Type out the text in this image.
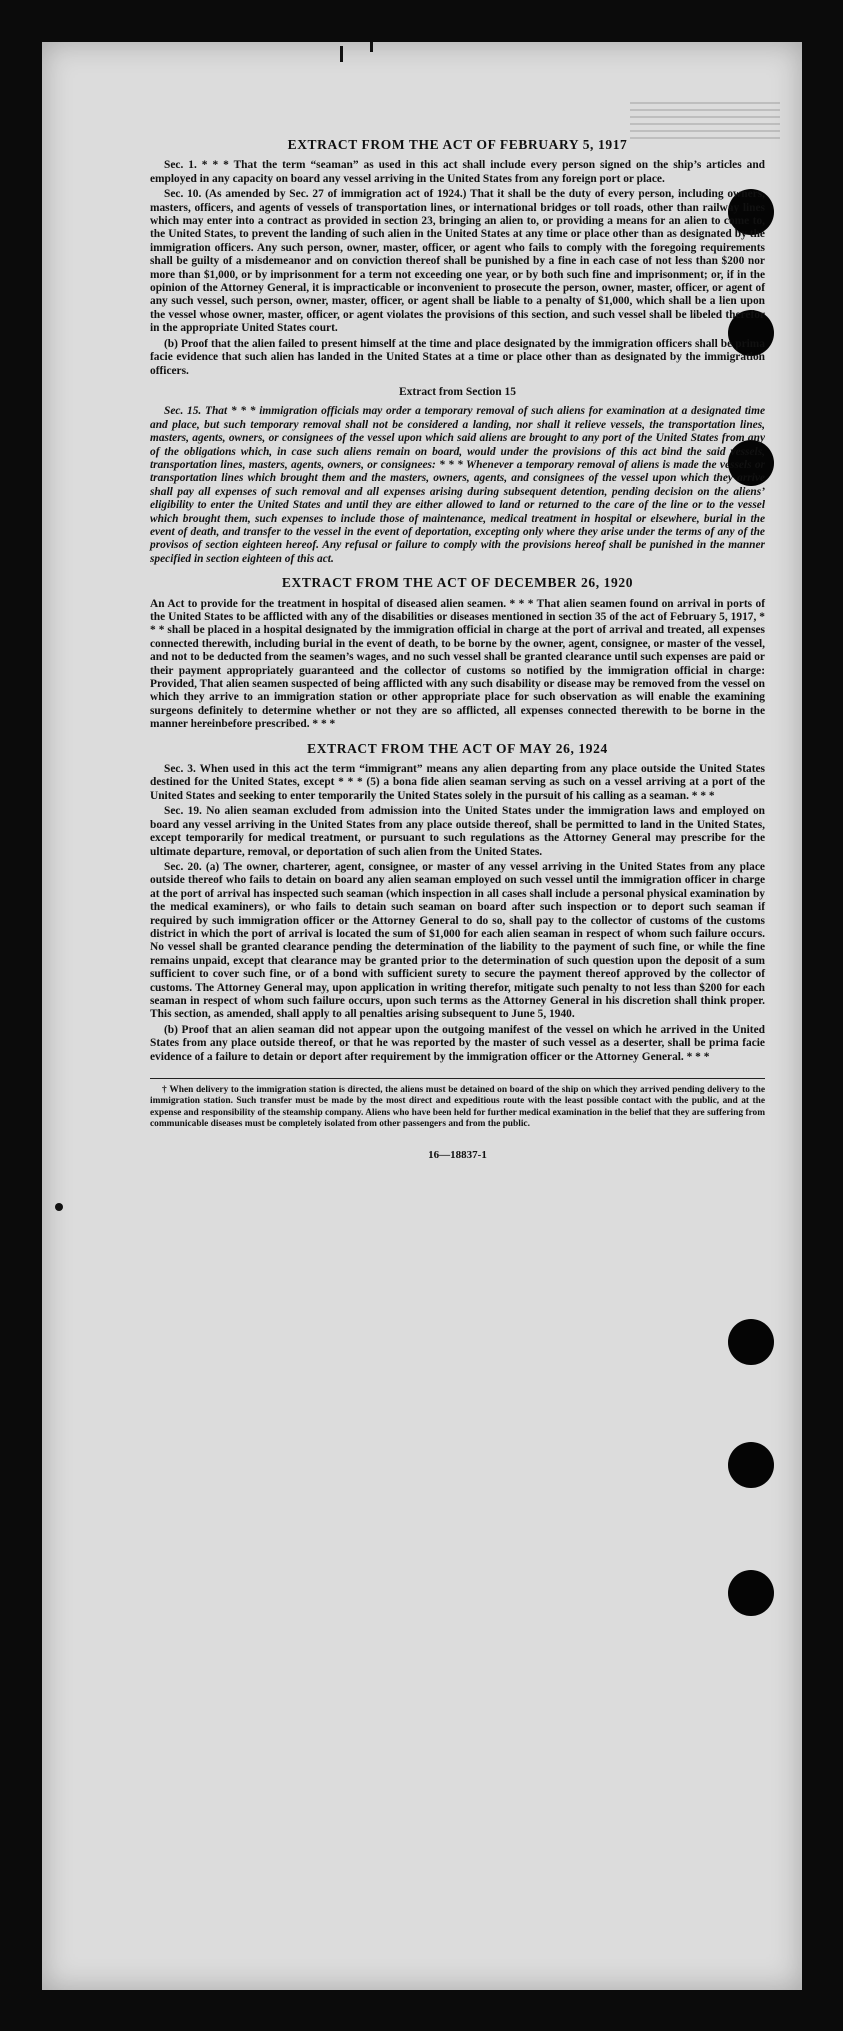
EXTRACT FROM THE ACT OF FEBRUARY 5, 1917

Sec. 1. * * * That the term “seaman” as used in this act shall include every person signed on the ship’s articles and employed in any capacity on board any vessel arriving in the United States from any foreign port or place.

Sec. 10. (As amended by Sec. 27 of immigration act of 1924.) That it shall be the duty of every person, including owners, masters, officers, and agents of vessels of transportation lines, or international bridges or toll roads, other than railway lines which may enter into a contract as provided in section 23, bringing an alien to, or providing a means for an alien to come to, the United States, to prevent the landing of such alien in the United States at any time or place other than as designated by the immigration officers. Any such person, owner, master, officer, or agent who fails to comply with the foregoing requirements shall be guilty of a misdemeanor and on conviction thereof shall be punished by a fine in each case of not less than $200 nor more than $1,000, or by imprisonment for a term not exceeding one year, or by both such fine and imprisonment; or, if in the opinion of the Attorney General, it is impracticable or inconvenient to prosecute the person, owner, master, officer, or agent of any such vessel, such person, owner, master, officer, or agent shall be liable to a penalty of $1,000, which shall be a lien upon the vessel whose owner, master, officer, or agent violates the provisions of this section, and such vessel shall be libeled therefor in the appropriate United States court.

(b) Proof that the alien failed to present himself at the time and place designated by the immigration officers shall be prima facie evidence that such alien has landed in the United States at a time or place other than as designated by the immigration officers.

Extract from Section 15

Sec. 15. That * * * immigration officials may order a temporary removal of such aliens for examination at a designated time and place, but such temporary removal shall not be considered a landing, nor shall it relieve vessels, the transportation lines, masters, agents, owners, or consignees of the vessel upon which said aliens are brought to any port of the United States from any of the obligations which, in case such aliens remain on board, would under the provisions of this act bind the said vessels, transportation lines, masters, agents, owners, or consignees: * * * Whenever a temporary removal of aliens is made the vessels or transportation lines which brought them and the masters, owners, agents, and consignees of the vessel upon which they arrive shall pay all expenses of such removal and all expenses arising during subsequent detention, pending decision on the aliens’ eligibility to enter the United States and until they are either allowed to land or returned to the care of the line or to the vessel which brought them, such expenses to include those of maintenance, medical treatment in hospital or elsewhere, burial in the event of death, and transfer to the vessel in the event of deportation, excepting only where they arise under the terms of any of the provisos of section eighteen hereof. Any refusal or failure to comply with the provisions hereof shall be punished in the manner specified in section eighteen of this act.

EXTRACT FROM THE ACT OF DECEMBER 26, 1920

An Act to provide for the treatment in hospital of diseased alien seamen. * * * That alien seamen found on arrival in ports of the United States to be afflicted with any of the disabilities or diseases mentioned in section 35 of the act of February 5, 1917, * * * shall be placed in a hospital designated by the immigration official in charge at the port of arrival and treated, all expenses connected therewith, including burial in the event of death, to be borne by the owner, agent, consignee, or master of the vessel, and not to be deducted from the seamen’s wages, and no such vessel shall be granted clearance until such expenses are paid or their payment appropriately guaranteed and the collector of customs so notified by the immigration official in charge: Provided, That alien seamen suspected of being afflicted with any such disability or disease may be removed from the vessel on which they arrive to an immigration station or other appropriate place for such observation as will enable the examining surgeons definitely to determine whether or not they are so afflicted, all expenses connected therewith to be borne in the manner hereinbefore prescribed. * * *

EXTRACT FROM THE ACT OF MAY 26, 1924

Sec. 3. When used in this act the term “immigrant” means any alien departing from any place outside the United States destined for the United States, except * * * (5) a bona fide alien seaman serving as such on a vessel arriving at a port of the United States and seeking to enter temporarily the United States solely in the pursuit of his calling as a seaman. * * *

Sec. 19. No alien seaman excluded from admission into the United States under the immigration laws and employed on board any vessel arriving in the United States from any place outside thereof, shall be permitted to land in the United States, except temporarily for medical treatment, or pursuant to such regulations as the Attorney General may prescribe for the ultimate departure, removal, or deportation of such alien from the United States.

Sec. 20. (a) The owner, charterer, agent, consignee, or master of any vessel arriving in the United States from any place outside thereof who fails to detain on board any alien seaman employed on such vessel until the immigration officer in charge at the port of arrival has inspected such seaman (which inspection in all cases shall include a personal physical examination by the medical examiners), or who fails to detain such seaman on board after such inspection or to deport such seaman if required by such immigration officer or the Attorney General to do so, shall pay to the collector of customs of the customs district in which the port of arrival is located the sum of $1,000 for each alien seaman in respect of whom such failure occurs. No vessel shall be granted clearance pending the determination of the liability to the payment of such fine, or while the fine remains unpaid, except that clearance may be granted prior to the determination of such question upon the deposit of a sum sufficient to cover such fine, or of a bond with sufficient surety to secure the payment thereof approved by the collector of customs. The Attorney General may, upon application in writing therefor, mitigate such penalty to not less than $200 for each seaman in respect of whom such failure occurs, upon such terms as the Attorney General in his discretion shall think proper. This section, as amended, shall apply to all penalties arising subsequent to June 5, 1940.

(b) Proof that an alien seaman did not appear upon the outgoing manifest of the vessel on which he arrived in the United States from any place outside thereof, or that he was reported by the master of such vessel as a deserter, shall be prima facie evidence of a failure to detain or deport after requirement by the immigration officer or the Attorney General. * * *

† When delivery to the immigration station is directed, the aliens must be detained on board of the ship on which they arrived pending delivery to the immigration station. Such transfer must be made by the most direct and expeditious route with the least possible contact with the public, and at the expense and responsibility of the steamship company. Aliens who have been held for further medical examination in the belief that they are suffering from communicable diseases must be completely isolated from other passengers and from the public.

16—18837-1
